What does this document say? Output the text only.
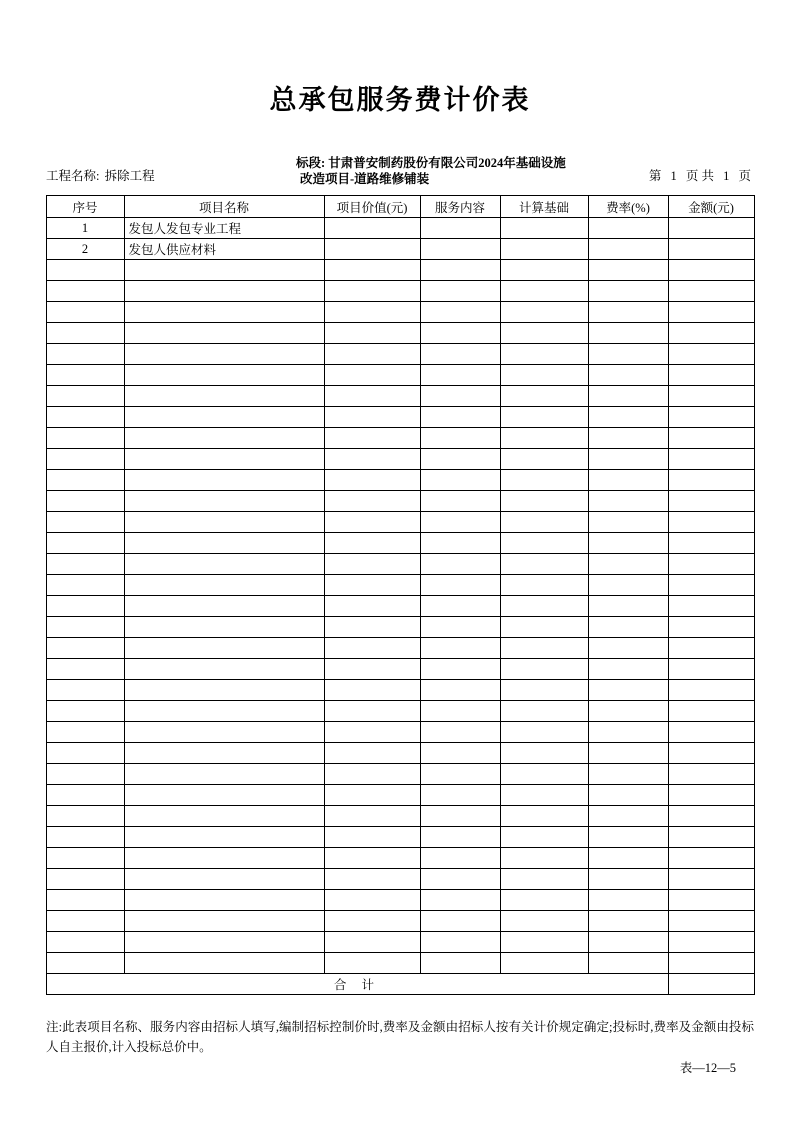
总承包服务费计价表
工程名称: 拆除工程
标段: 甘肃普安制药股份有限公司2024年基础设施
改造项目-道路维修铺装	第 1 页 共 1 页
序号	项目名称	项目价值(元)	服务内容	计算基础	费率(%)	金额(元)
1	发包人发包专业工程					
2	发包人供应材料					

合 计						
注:此表项目名称、服务内容由招标人填写,编制招标控制价时,费率及金额由招标人按有关计价规定确定;投标时,费率及金额由投标人自主报价,计入投标总价中。
表—12—5
